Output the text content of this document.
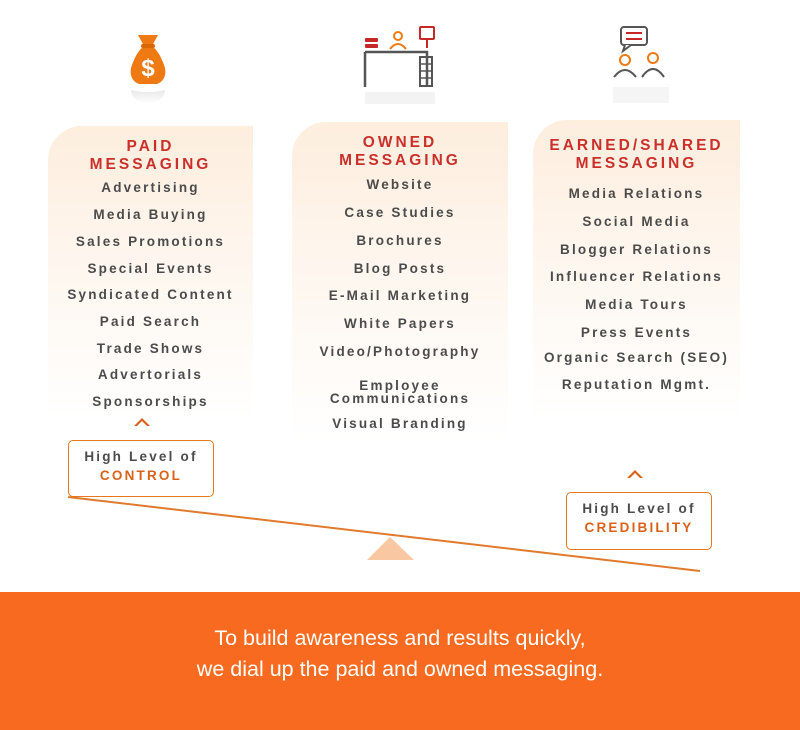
$
PAID
MESSAGING
Advertising
Media Buying
Sales Promotions
Special Events
Syndicated Content
Paid Search
Trade Shows
Advertorials
Sponsorships
OWNED
MESSAGING
Website
Case Studies
Brochures
Blog Posts
E-Mail Marketing
White Papers
Video/Photography
Employee
Communications
Visual Branding
EARNED/SHARED
MESSAGING
Media Relations
Social Media
Blogger Relations
Influencer Relations
Media Tours
Press Events
Organic Search (SEO)
Reputation Mgmt.
High Level of
CONTROL
High Level of
CREDIBILITY
To build awareness and results quickly,
we dial up the paid and owned messaging.
